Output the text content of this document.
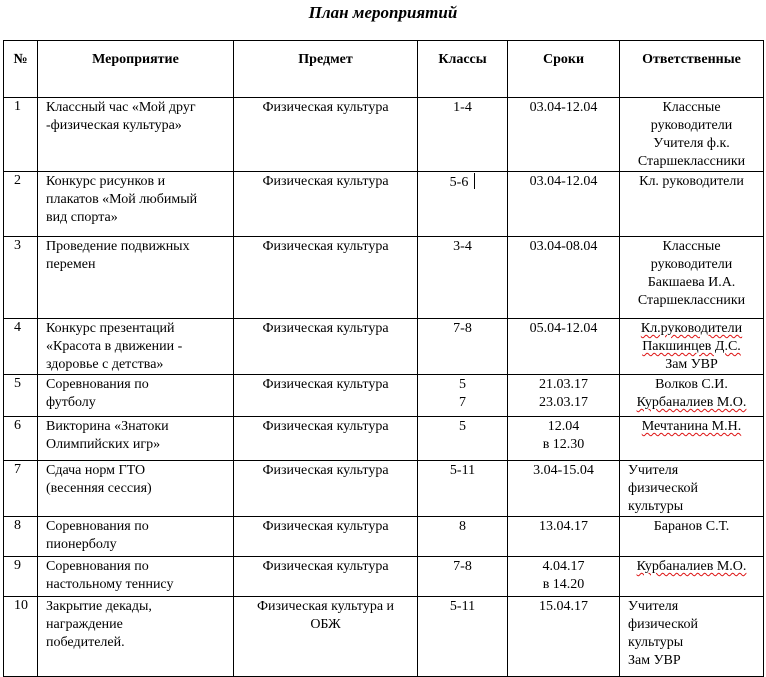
План мероприятий
№	Мероприятие	Предмет	Классы	Сроки	Ответственные
1	Классный час «Мой друг
-физическая культура»	Физическая культура	1-4	03.04-12.04	Классные
руководители
Учителя ф.к.
Старшеклассники

2	Конкурс рисунков и
плакатов «Мой любимый
вид спорта»	Физическая культура	5-6	03.04-12.04	Кл. руководители

3	Проведение подвижных
перемен	Физическая культура	3-4	03.04-08.04	Классные
руководители
Бакшаева И.А.
Старшеклассники

4	Конкурс презентаций
«Красота в движении -
здоровье с детства»	Физическая культура	7-8	05.04-12.04	Кл.руководители
Пакшинцев Д.С.
Зам УВР

5	Соревнования по
футболу	Физическая культура	5
7	21.03.17
23.03.17	Волков С.И.
Курбаналиев М.О.

6	Викторина «Знатоки
Олимпийских игр»	Физическая культура	5	12.04
в 12.30	Мечтанина М.Н.

7	Сдача норм ГТО
(весенняя сессия)	Физическая культура	5-11	3.04-15.04	Учителя
физической
культуры

8	Соревнования по
пионерболу	Физическая культура	8	13.04.17	Баранов С.Т.

9	Соревнования по
настольному теннису	Физическая культура	7-8	4.04.17
в 14.20	Курбаналиев М.О.

10	Закрытие декады,
награждение
победителей.	Физическая культура и
ОБЖ	5-11	15.04.17	Учителя
физической
культуры
Зам УВР
